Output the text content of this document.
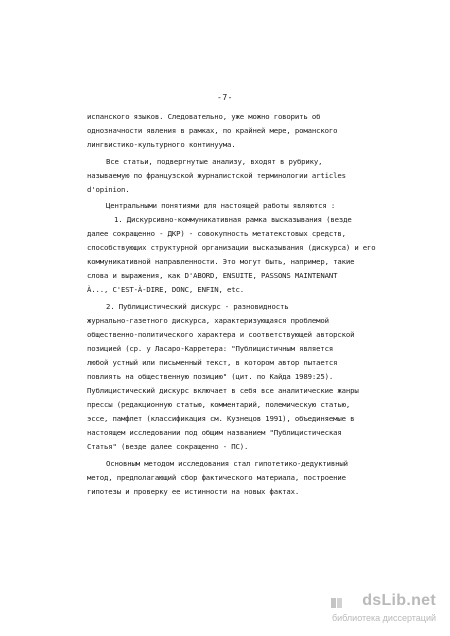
-7-
испанского языков. Следовательно, уже можно говорить об
однозначности явления в рамках, по крайней мере, романского
лингвистико-культурного континуума.
Все статьи, подвергнутые анализу, входят в рубрику,
называемую по французской журналистской терминологии articles
d'opinion.
Центральными понятиями для настоящей работы являются :
1. Дискурсивно-коммуникативная рамка высказывания (везде
далее сокращенно - ДКР) - совокупность метатекстовых средств,
способствующих структурной организации высказывания (дискурса) и его
коммуникативной направленности. Это могут быть, например, такие
слова и выражения, как D'ABORD, ENSUITE, PASSONS MAINTENANT
À..., C'EST-À-DIRE, DONC, ENFIN, etc.
2. Публицистический дискурс - разновидность
журнально-газетного дискурса, характеризующаяся проблемой
общественно-политического характера и соответствующей авторской
позицией (ср. у Ласаро-Карретера: "Публицистичным является
любой устный или письменный текст, в котором автор пытается
повлиять на общественную позицию" (цит. по Кайда 1989:25).
Публицистический дискурс включает в себя все аналитические жанры
прессы (редакционную статью, комментарий, полемическую статью,
эссе, памфлет (классификация см. Кузнецов 1991), объединяемые в
настоящем исследовании под общим названием "Публицистическая
Статья" (везде далее сокращенно - ПС).
Основным методом исследования стал гипотетико-дедуктивный
метод, предполагающий сбор фактического материала, построение
гипотезы и проверку ее истинности на новых фактах.
dsLib.net
библиотека диссертаций
